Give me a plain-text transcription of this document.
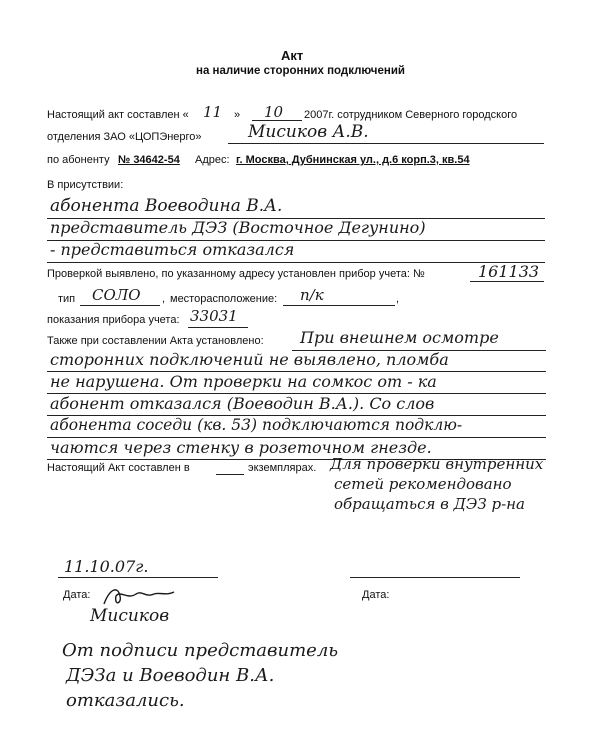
Акт
на наличие сторонних подключений
Настоящий акт составлен « 11 » 10 2007г. сотрудником Северного городского
отделения ЗАО «ЦОПЭнерго»	Мисиков А.В.
по абоненту № 34642-54 Адрес: г. Москва, Дубнинская ул., д.6 корп.3, кв.54
В присутствии:
абонента Воеводина В.А.
представитель ДЭЗ (Восточное Дегунино)
- представиться отказался
Проверкой выявлено, по указанному адресу установлен прибор учета: №	161133
тип СОЛО , месторасположение: п/к	,
показания прибора учета: 33031
Также при составлении Акта установлено: При внешнем осмотре
сторонних подключений не выявлено, пломба
не нарушена. От проверки на сомкос от - ка
абонент отказался (Воеводин В.А.). Со слов
абонента соседи (кв. 53) подключаются подклю-
чаются через стенку в розеточном гнезде.
Настоящий Акт составлен в	экземплярах. Для проверки внутренних
сетей рекомендовано
обращаться в ДЭЗ р-на
11.10.07г.
Дата:	Дата:
Мисиков
От подписи представитель
ДЭЗа и Воеводин В.А.
отказались.
